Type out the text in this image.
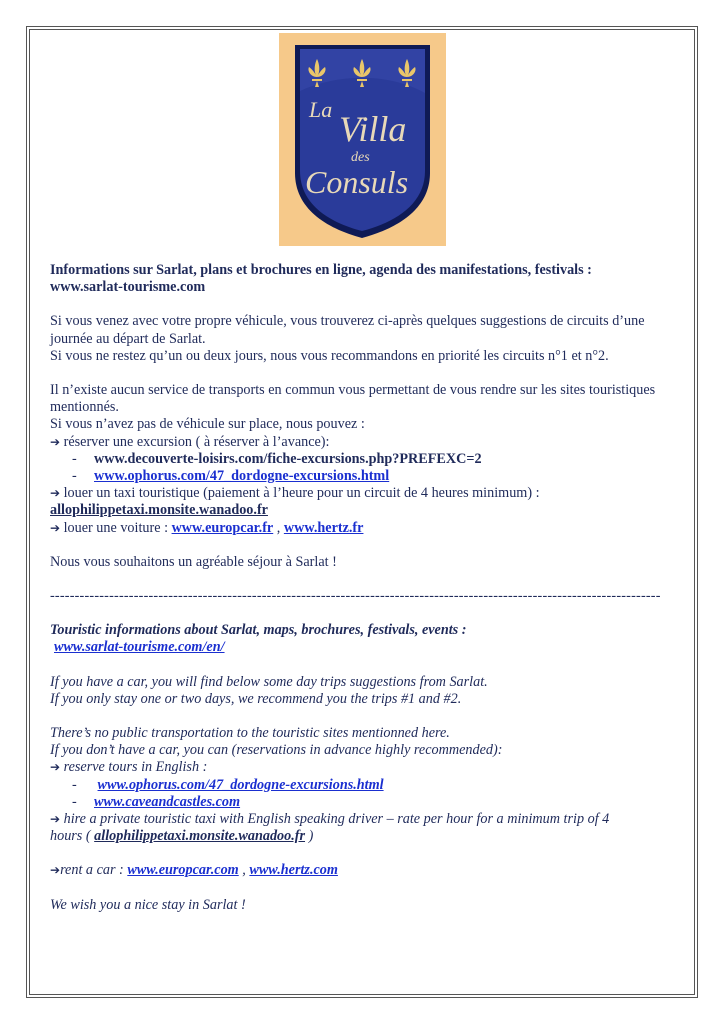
La Villa
des
Consuls

Informations sur Sarlat, plans et brochures en ligne, agenda des manifestations, festivals :

www.sarlat-tourisme.com

Si vous venez avec votre propre véhicule, vous trouverez ci-après quelques suggestions de circuits d’une

journée au départ de Sarlat.

Si vous ne restez qu’un ou deux jours, nous vous recommandons en priorité les circuits n°1 et n°2.

Il n’existe aucun service de transports en commun vous permettant de vous rendre sur les sites touristiques

mentionnés.

Si vous n’avez pas de véhicule sur place, nous pouvez :

➔ réserver une excursion ( à réserver à l’avance):

- www.decouverte-loisirs.com/fiche-excursions.php?PREFEXC=2

- www.ophorus.com/47_dordogne-excursions.html

➔ louer un taxi touristique (paiement à l’heure pour un circuit de 4 heures minimum) :

allophilippetaxi.monsite.wanadoo.fr

➔ louer une voiture : www.europcar.fr , www.hertz.fr

Nous vous souhaitons un agréable séjour à Sarlat !

----------------------------------------------------------------------------------------------------------------------------

Touristic informations about Sarlat, maps, brochures, festivals, events :

www.sarlat-tourisme.com/en/

If you have a car, you will find below some day trips suggestions from Sarlat.

If you only stay one or two days, we recommend you the trips #1 and #2.

There’s no public transportation to the touristic sites mentionned here.

If you don’t have a car, you can (reservations in advance highly recommended):

➔ reserve tours in English :

- www.ophorus.com/47_dordogne-excursions.html

- www.caveandcastles.com

➔ hire a private touristic taxi with English speaking driver – rate per hour for a minimum trip of 4

hours ( allophilippetaxi.monsite.wanadoo.fr )

➔rent a car : www.europcar.com , www.hertz.com

We wish you a nice stay in Sarlat !
